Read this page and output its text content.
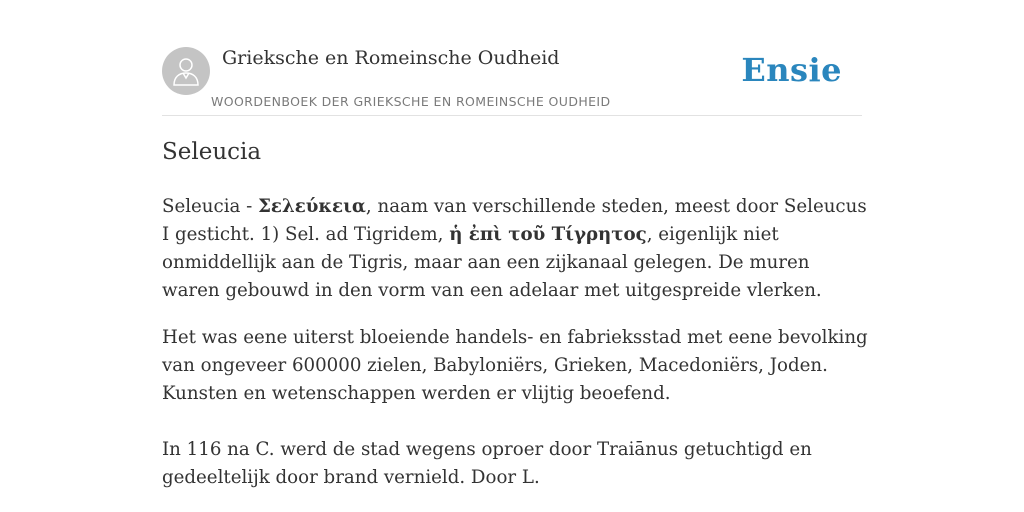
Grieksche en Romeinsche Oudheid	Ensie
WOORDENBOEK DER GRIEKSCHE EN ROMEINSCHE OUDHEID
Seleucia

Seleucia - Σελεύκεια, naam van verschillende steden, meest door Seleucus I gesticht. 1) Sel. ad Tigridem, ἡ ἐπὶ τοῦ Τίγρητος, eigenlijk niet onmiddellijk aan de Tigris, maar aan een zijkanaal gelegen. De muren waren gebouwd in den vorm van een adelaar met uitgespreide vlerken.

Het was eene uiterst bloeiende handels- en fabrieksstad met eene bevolking van ongeveer 600000 zielen, Babyloniërs, Grieken, Macedoniërs, Joden. Kunsten en wetenschappen werden er vlijtig beoefend.

In 116 na C. werd de stad wegens oproer door Traiānus getuchtigd en gedeeltelijk door brand vernield. Door L.
